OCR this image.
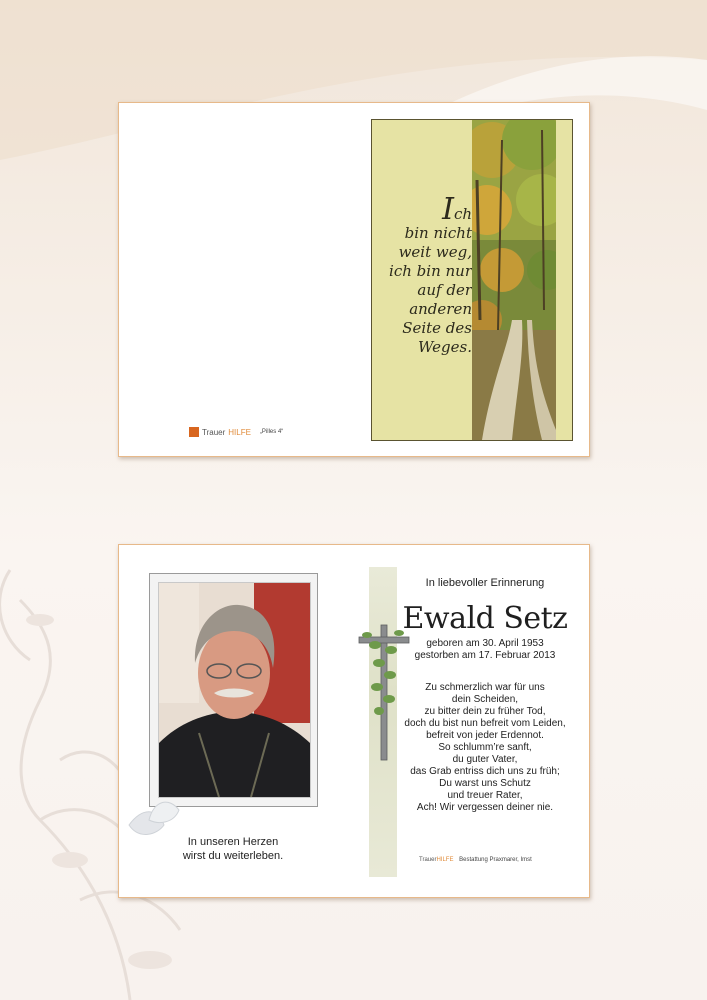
Ich
bin nicht
weit weg,
ich bin nur
auf der
anderen
Seite des
Weges.
Trauer HILFE „Pilles 4“
In unseren Herzen
wirst du weiterleben.
In liebevoller Erinnerung
Ewald Setz
geboren am 30. April 1953
gestorben am 17. Februar 2013
Zu schmerzlich war für uns
dein Scheiden,
zu bitter dein zu früher Tod,
doch du bist nun befreit vom Leiden,
befreit von jeder Erdennot.
So schlumm’re sanft,
du guter Vater,
das Grab entriss dich uns zu früh;
Du warst uns Schutz
und treuer Rater,
Ach! Wir vergessen deiner nie.
TrauerHILFE Bestattung Praxmarer, Imst
